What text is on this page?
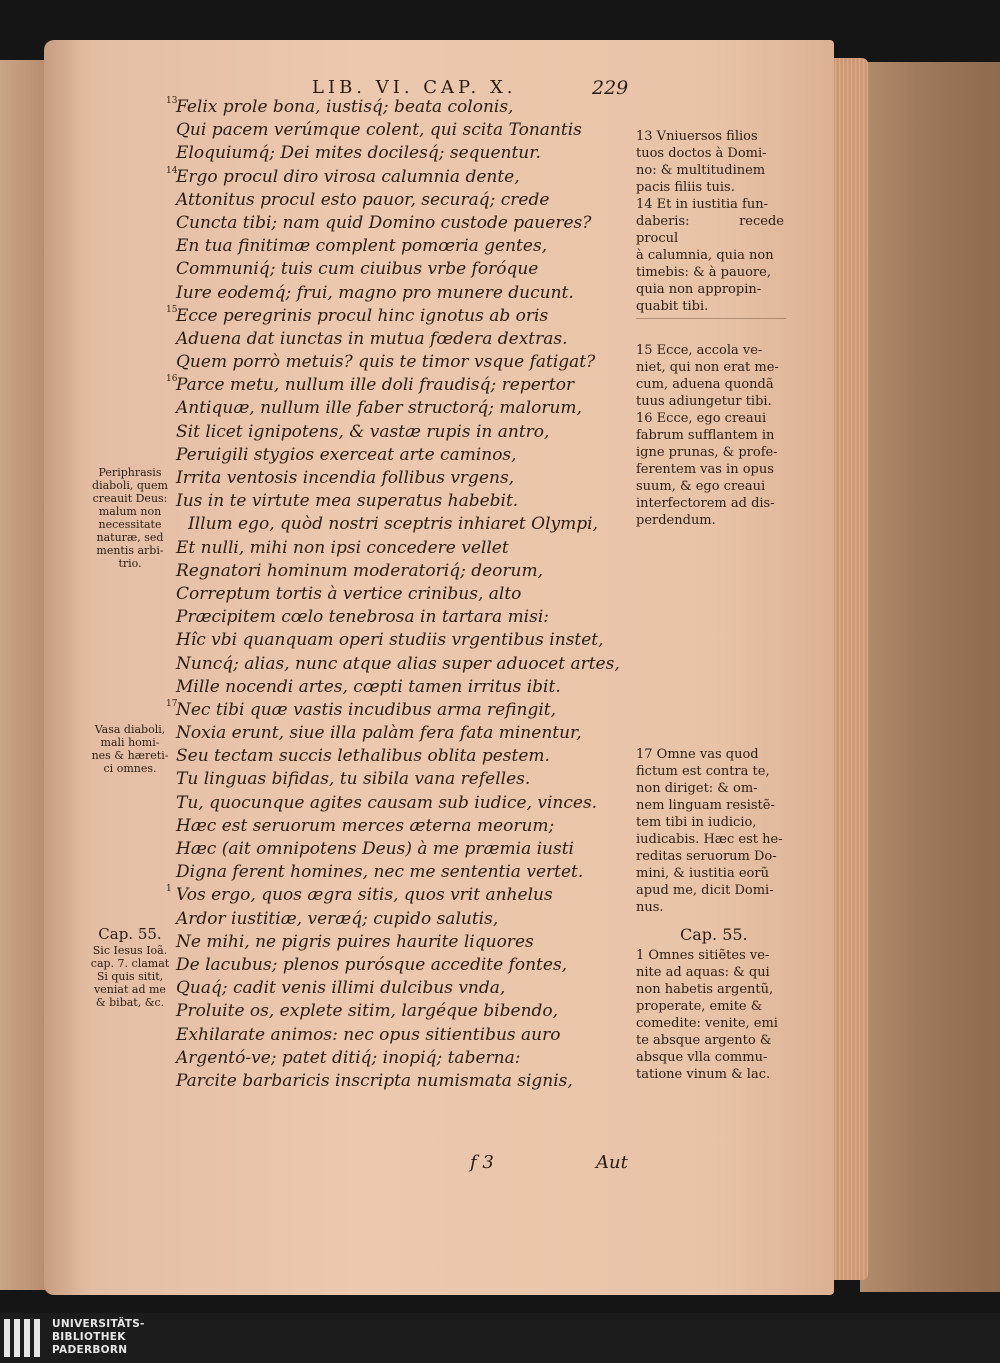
LIB. VI. CAP. X.	229
13
Felix prole bona, iustisq́; beata colonis,
Qui pacem verúmque colent, qui scita Tonantis
Eloquiumq́; Dei mites docilesq́; sequentur.
14
Ergo procul diro virosa calumnia dente,
Attonitus procul esto pauor, securaq́; crede
Cuncta tibi; nam quid Domino custode paueres?
En tua finitimæ complent pomœria gentes,
Communiq́; tuis cum ciuibus vrbe foróque
Iure eodemq́; frui, magno pro munere ducunt.
15
Ecce peregrinis procul hinc ignotus ab oris
Aduena dat iunctas in mutua fœdera dextras.
Quem porrò metuis? quis te timor vsque fatigat?
16
Parce metu, nullum ille doli fraudisq́; repertor
Antiquæ, nullum ille faber structorq́; malorum,
Sit licet ignipotens, & vastæ rupis in antro,
Peruigili stygios exerceat arte caminos,
Irrita ventosis incendia follibus vrgens,
Ius in te virtute mea superatus habebit.
Illum ego, quòd nostri sceptris inhiaret Olympi,
Et nulli, mihi non ipsi concedere vellet
Regnatori hominum moderatoriq́; deorum,
Correptum tortis à vertice crinibus, alto
Præcipitem cœlo tenebrosa in tartara misi:
Hîc vbi quanquam operi studiis vrgentibus instet,
Nuncq́; alias, nunc atque alias super aduocet artes,
Mille nocendi artes, cœpti tamen irritus ibit.
17
Nec tibi quæ vastis incudibus arma refingit,
Noxia erunt, siue illa palàm fera fata minentur,
Seu tectam succis lethalibus oblita pestem.
Tu linguas bifidas, tu sibila vana refelles.
Tu, quocunque agites causam sub iudice, vinces.
Hæc est seruorum merces æterna meorum;
Hæc (ait omnipotens Deus) à me præmia iusti
Digna ferent homines, nec me sententia vertet.
1 Vos ergo, quos ægra sitis, quos vrit anhelus
Ardor iustitiæ, veræq́; cupido salutis,
Ne mihi, ne pigris puires haurite liquores
De lacubus; plenos purósque accedite fontes,
Quaq́; cadit venis illimi dulcibus vnda,
Proluite os, explete sitim, largéque bibendo,
Exhilarate animos: nec opus sitientibus auro
Argentó-ve; patet ditiq́; inopiq́; taberna:
Parcite barbaricis inscripta numismata signis,
Periphrasis
diaboli, quem
creauit Deus:
malum non
necessitate
naturæ, sed
mentis arbi-
trio.
Vasa diaboli,
mali homi-
nes & hæreti-
ci omnes.
Cap. 55.
Sic Iesus Ioã.
cap. 7. clamat
Si quis sitit,
veniat ad me
& bibat, &c.
13 Vniuersos filios
tuos doctos à Domi-
no: & multitudinem
pacis filiis tuis.
14 Et in iustitia fun-
daberis: recede procul
à calumnia, quia non
timebis: & à pauore,
quia non appropin-
quabit tibi.
15 Ecce, accola ve-
niet, qui non erat me-
cum, aduena quondã
tuus adiungetur tibi.
16 Ecce, ego creaui
fabrum sufflantem in
igne prunas, & profe-
ferentem vas in opus
suum, & ego creaui
interfectorem ad dis-
perdendum.
17 Omne vas quod
fictum est contra te,
non diriget: & om-
nem linguam resistẽ-
tem tibi in iudicio,
iudicabis. Hæc est he-
reditas seruorum Do-
mini, & iustitia eorũ
apud me, dicit Domi-
nus.
Cap. 55.
1 Omnes sitiẽtes ve-
nite ad aquas: & qui
non habetis argentũ,
properate, emite &
comedite: venite, emi
te absque argento &
absque vlla commu-
tatione vinum & lac.
f 3	Aut
UNIVERSITÄTS-
BIBLIOTHEK
PADERBORN
